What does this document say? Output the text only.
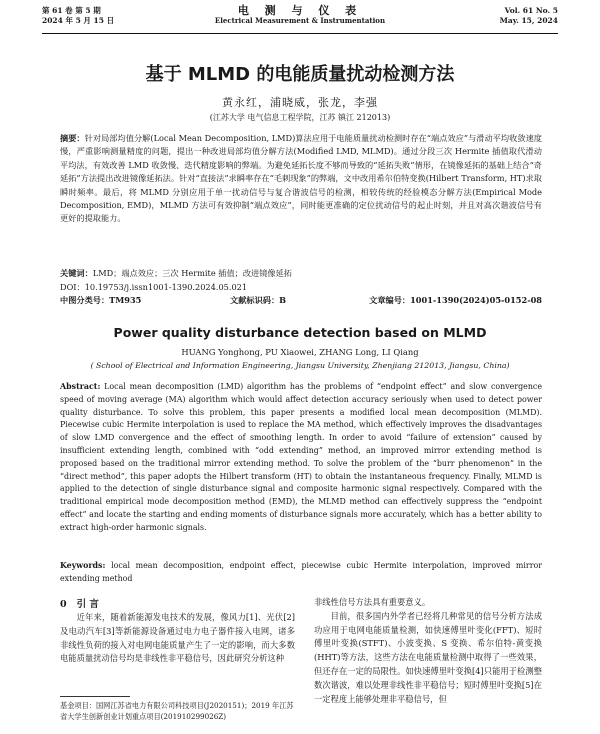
第 61 卷 第 5 期
2024 年 5 月 15 日
电 测 与 仪 表
Electrical Measurement & Instrumentation
Vol. 61 No. 5
May. 15, 2024
基于 MLMD 的电能质量扰动检测方法
黄永红，浦晓威，张龙，李强
(江苏大学 电气信息工程学院，江苏 镇江 212013)
摘要：针对局部均值分解(Local Mean Decomposition, LMD)算法应用于电能质量扰动检测时存在“端点效应”与滑动平均收敛速度慢，严重影响测量精度的问题，提出一种改进局部均值分解方法(Modified LMD, MLMD)。通过分段三次 Hermite 插值取代滑动平均法，有效改善 LMD 收敛慢、迭代精度影响的弊端。为避免延拓长度不够而导致的“延拓失败”情形，在镜像延拓的基础上结合“奇延拓”方法提出改进镜像延拓法。针对“直接法”求瞬率存在“毛刺现象”的弊端，文中改用希尔伯特变换(Hilbert Transform, HT)求取瞬时频率。最后，将 MLMD 分别应用于单一扰动信号与复合谐波信号的检测，相较传统的经验模态分解方法(Empirical Mode Decomposition, EMD)，MLMD 方法可有效抑制“端点效应”，同时能更准确的定位扰动信号的起止时刻，并且对高次谐波信号有更好的提取能力。
关键词：LMD；端点效应；三次 Hermite 插值；改进镜像延拓
DOI：10.19753/j.issn1001-1390.2024.05.021
中图分类号：TM935	文献标识码：B	文章编号：1001-1390(2024)05-0152-08
Power quality disturbance detection based on MLMD
HUANG Yonghong, PU Xiaowei, ZHANG Long, LI Qiang
( School of Electrical and Information Engineering, Jiangsu University, Zhenjiang 212013, Jiangsu, China)
Abstract: Local mean decomposition (LMD) algorithm has the problems of “endpoint effect” and slow convergence speed of moving average (MA) algorithm which would affect detection accuracy seriously when used to detect power quality disturbance. To solve this problem, this paper presents a modified local mean decomposition (MLMD). Piecewise cubic Hermite interpolation is used to replace the MA method, which effectively improves the disadvantages of slow LMD convergence and the effect of smoothing length. In order to avoid “failure of extension” caused by insufficient extending length, combined with “odd extending” method, an improved mirror extending method is proposed based on the traditional mirror extending method. To solve the problem of the “burr phenomenon” in the “direct method”, this paper adopts the Hilbert transform (HT) to obtain the instantaneous frequency. Finally, MLMD is applied to the detection of single disturbance signal and composite harmonic signal respectively. Compared with the traditional empirical mode decomposition method (EMD), the MLMD method can effectively suppress the “endpoint effect” and locate the starting and ending moments of disturbance signals more accurately, which has a better ability to extract high-order harmonic signals.
Keywords: local mean decomposition, endpoint effect, piecewise cubic Hermite interpolation, improved mirror extending method
0 引 言
近年来，随着新能源发电技术的发展，像风力[1]、光伏[2]及电动汽车[3]等新能源设备通过电力电子器件接入电网，诸多非线性负荷的接入对电网电能质量产生了一定的影响，而大多数电能质量扰动信号均是非线性非平稳信号，因此研究分析这种
非线性信号方法具有重要意义。
目前，很多国内外学者已经将几种常见的信号分析方法成功应用于电网电能质量检测，如快速傅里叶变化(FFT)、短时傅里叶变换(STFT)、小波变换、S 变换、希尔伯特-黄变换(HHT)等方法，这些方法在电能质量检测中取得了一些效果，但还存在一定的局限性。如快速傅里叶变换[4]只能用于检测整数次谐波，难以处理非线性非平稳信号；短时傅里叶变换[5]在一定程度上能够处理非平稳信号，但
基金项目：国网江苏省电力有限公司科技项目(J2020151)；2019 年江苏省大学生创新创业计划重点项目(201910299026Z)
